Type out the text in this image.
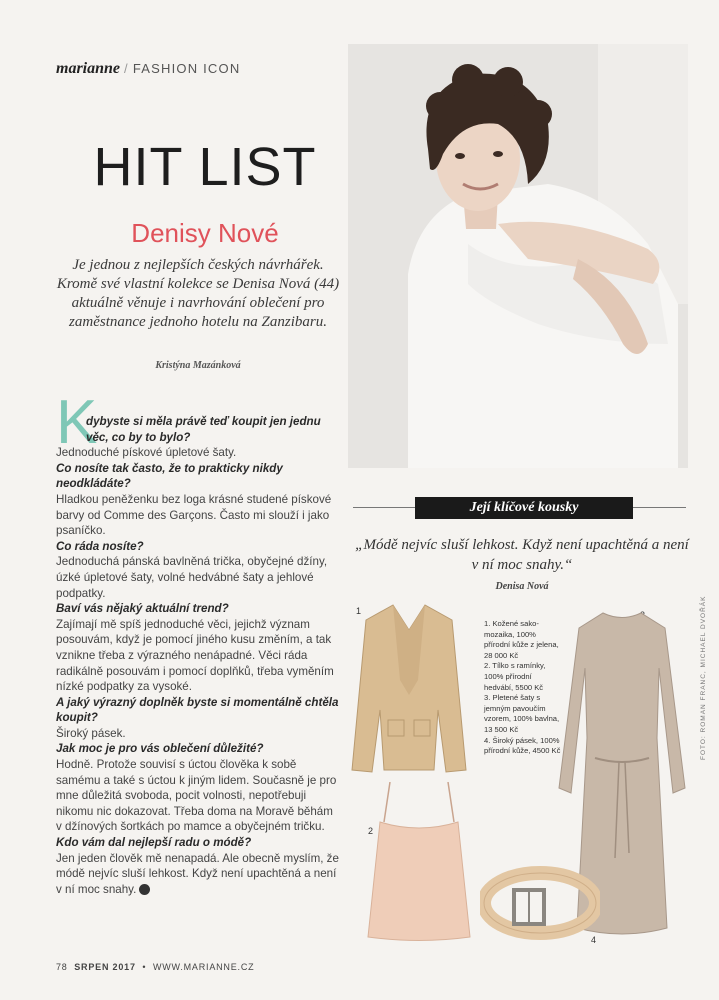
marianne / FASHION ICON
HIT LIST
Denisy Nové
Je jednou z nejlepších českých návrhářek. Kromě své vlastní kolekce se Denisa Nová (44) aktuálně věnuje i navrhování oblečení pro zaměstnance jednoho hotelu na Zanzibaru.
Kristýna Mazánková
K

dybyste si měla právě teď koupit jen jednu věc, co by to bylo?

Jednoduché pískové úpletové šaty.

Co nosíte tak často, že to prakticky nikdy neodkládáte?

Hladkou peněženku bez loga krásné studené pískové barvy od Comme des Garçons. Často mi slouží i jako psaníčko.

Co ráda nosíte?

Jednoduchá pánská bavlněná trička, obyčejné džíny, úzké úpletové šaty, volné hedvábné šaty a jehlové podpatky.

Baví vás nějaký aktuální trend?

Zajímají mě spíš jednoduché věci, jejichž význam posouvám, když je pomocí jiného kusu změním, a tak vznikne třeba z výrazného nenápadné. Věci ráda radikálně posouvám i pomocí doplňků, třeba vyměním nízké podpatky za vysoké.

A jaký výrazný doplněk byste si momentálně chtěla koupit?

Široký pásek.

Jak moc je pro vás oblečení důležité?

Hodně. Protože souvisí s úctou člověka k sobě samému a také s úctou k jiným lidem. Současně je pro mne důležitá svoboda, pocit volnosti, nepotřebuji nikomu nic dokazovat. Třeba doma na Moravě běhám v džínových šortkách po mamce a obyčejném tričku.

Kdo vám dal nejlepší radu o módě?

Jen jeden člověk mě nenapadá. Ale obecně myslím, že módě nejvíc sluší lehkost. Když není upachtěná a není v ní moc snahy.

Její klíčové kousky
„Módě nejvíc sluší lehkost. Když není upachtěná a není v ní moc snahy.“
Denisa Nová
1
2
4
1. Kožené sako-mozaika, 100% přírodní kůže z jelena, 28 000 Kč
2. Tílko s ramínky, 100% přírodní hedvábí, 5500 Kč
3. Pletené šaty s jemným pavoučím vzorem, 100% bavlna, 13 500 Kč
4. Široký pásek, 100% přírodní kůže, 4500 Kč	FOTO: ROMAN FRANC, MICHAEL DVOŘÁK
78 SRPEN 2017 • WWW.MARIANNE.CZ
